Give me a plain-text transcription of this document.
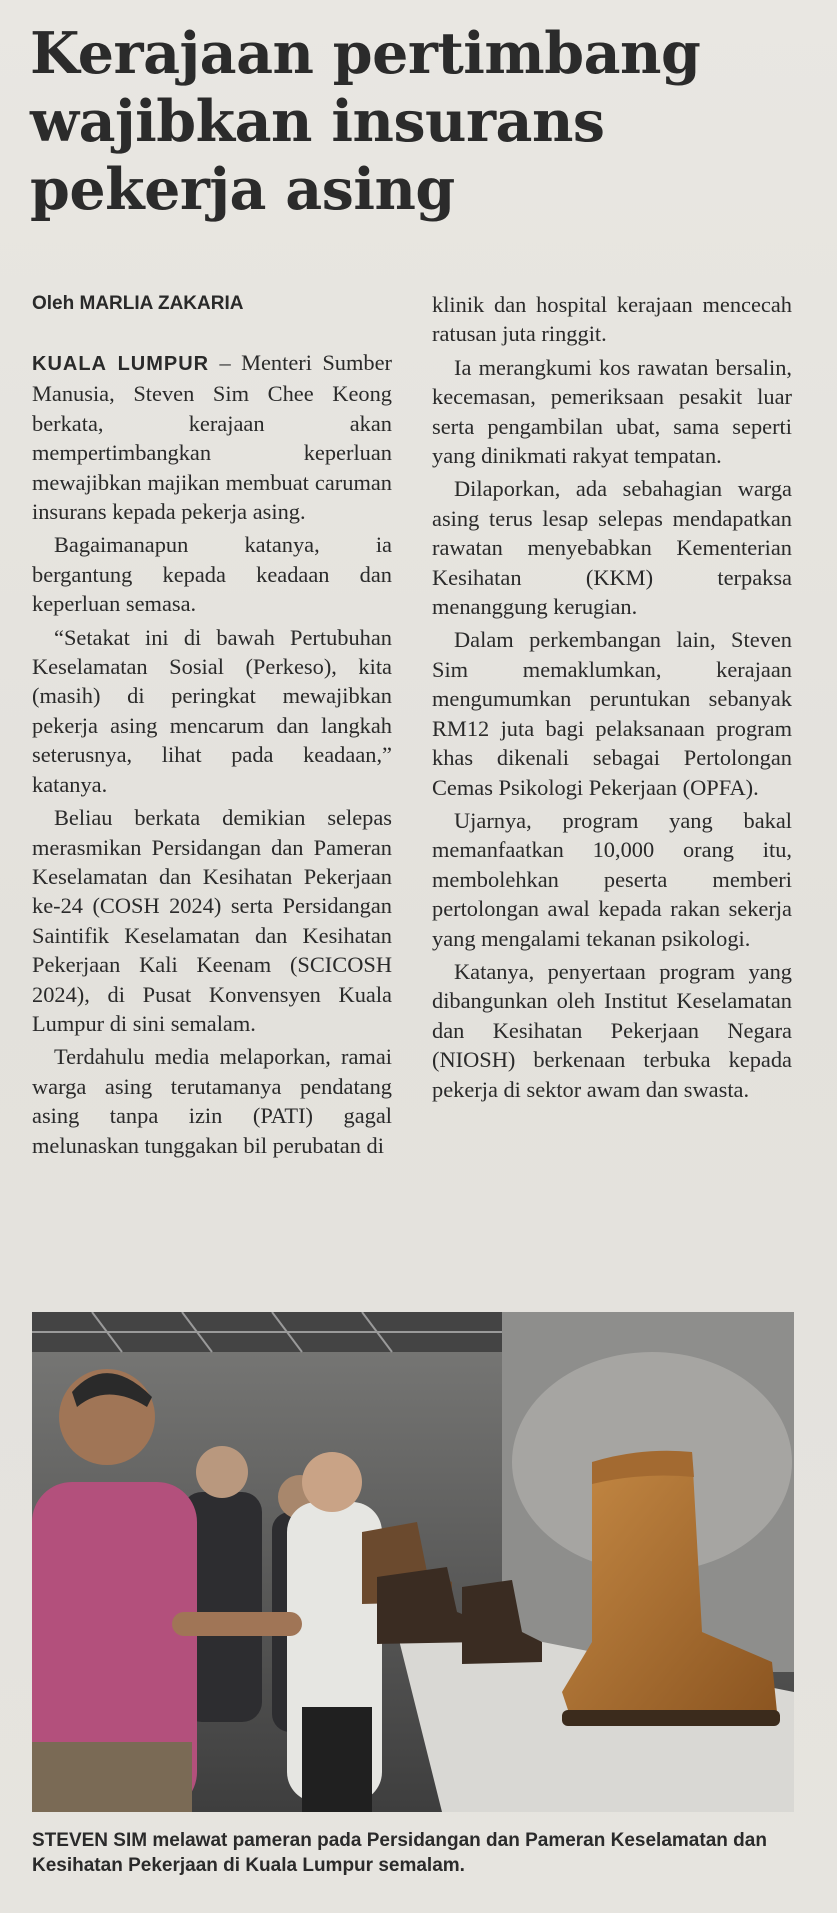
Kerajaan pertimbang wajibkan insurans pekerja asing
Oleh MARLIA ZAKARIA

KUALA LUMPUR – Menteri Sumber Manusia, Steven Sim Chee Keong berkata, kerajaan akan mempertimbangkan keperluan mewajibkan majikan membuat caruman insurans kepada pekerja asing.

Bagaimanapun katanya, ia bergantung kepada keadaan dan keperluan semasa.

“Setakat ini di bawah Pertubuhan Keselamatan Sosial (Perkeso), kita (masih) di peringkat mewajibkan pekerja asing mencarum dan langkah seterusnya, lihat pada keadaan,” katanya.

Beliau berkata demikian selepas merasmikan Persidangan dan Pameran Keselamatan dan Kesihatan Pekerjaan ke-24 (COSH 2024) serta Persidangan Saintifik Keselamatan dan Kesihatan Pekerjaan Kali Keenam (SCICOSH 2024), di Pusat Konvensyen Kuala Lumpur di sini semalam.

Terdahulu media melaporkan, ramai warga asing terutamanya pendatang asing tanpa izin (PATI) gagal melunaskan tunggakan bil perubatan di

klinik dan hospital kerajaan mencecah ratusan juta ringgit.

Ia merangkumi kos rawatan bersalin, kecemasan, pemeriksaan pesakit luar serta pengambilan ubat, sama seperti yang dinikmati rakyat tempatan.

Dilaporkan, ada sebahagian warga asing terus lesap selepas mendapatkan rawatan menyebabkan Kementerian Kesihatan (KKM) terpaksa menanggung kerugian.

Dalam perkembangan lain, Steven Sim memaklumkan, kerajaan mengumumkan peruntukan sebanyak RM12 juta bagi pelaksanaan program khas dikenali sebagai Pertolongan Cemas Psikologi Pekerjaan (OPFA).

Ujarnya, program yang bakal memanfaatkan 10,000 orang itu, membolehkan peserta memberi pertolongan awal kepada rakan sekerja yang mengalami tekanan psikologi.

Katanya, penyertaan program yang dibangunkan oleh Institut Keselamatan dan Kesihatan Pekerjaan Negara (NIOSH) berkenaan terbuka kepada pekerja di sektor awam dan swasta.

STEVEN SIM melawat pameran pada Persidangan dan Pameran Keselamatan dan Kesihatan Pekerjaan di Kuala Lumpur semalam.
